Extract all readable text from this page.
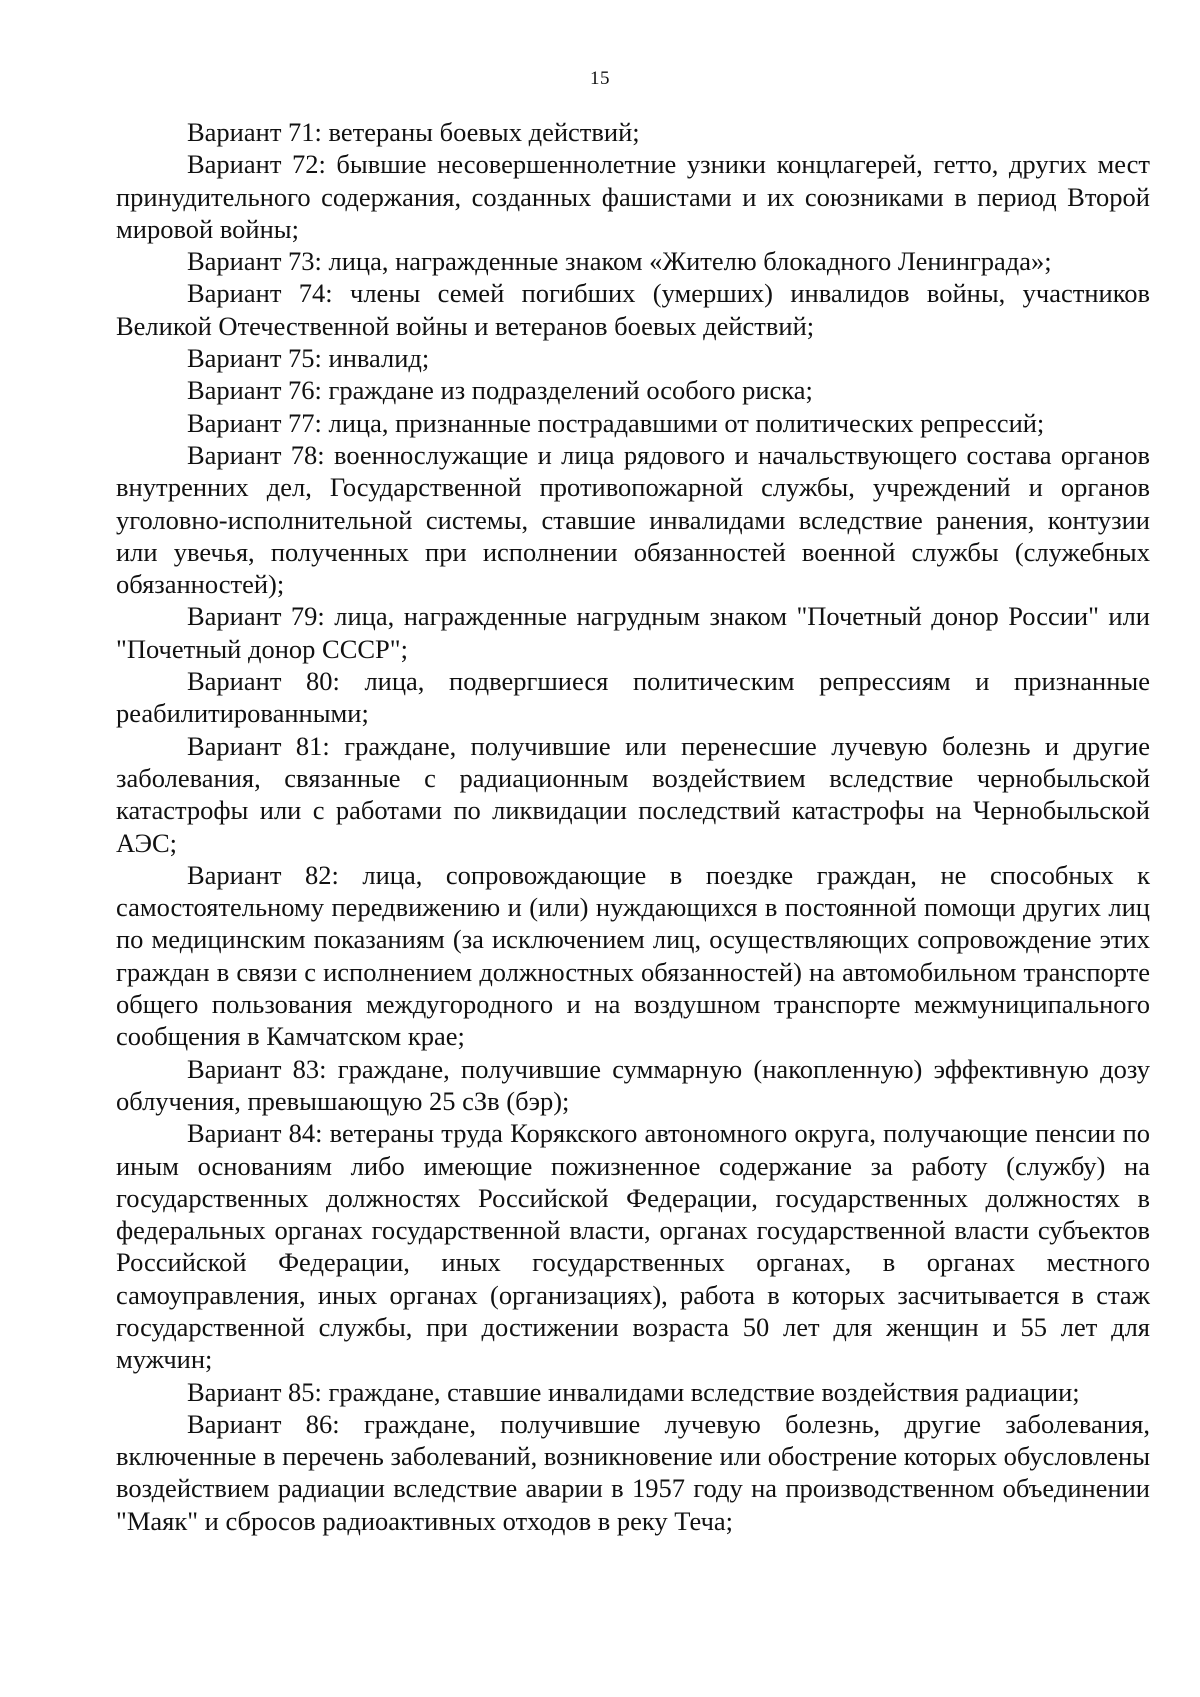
15

Вариант 71: ветераны боевых действий;

Вариант 72: бывшие несовершеннолетние узники концлагерей, гетто, других мест принудительного содержания, созданных фашистами и их союзниками в период Второй мировой войны;

Вариант 73: лица, награжденные знаком «Жителю блокадного Ленинграда»;

Вариант 74: члены семей погибших (умерших) инвалидов войны, участников Великой Отечественной войны и ветеранов боевых действий;

Вариант 75: инвалид;

Вариант 76: граждане из подразделений особого риска;

Вариант 77: лица, признанные пострадавшими от политических репрессий;

Вариант 78: военнослужащие и лица рядового и начальствующего состава органов внутренних дел, Государственной противопожарной службы, учреждений и органов уголовно-исполнительной системы, ставшие инвалидами вследствие ранения, контузии или увечья, полученных при исполнении обязанностей военной службы (служебных обязанностей);

Вариант 79: лица, награжденные нагрудным знаком "Почетный донор России" или "Почетный донор СССР";

Вариант 80: лица, подвергшиеся политическим репрессиям и признанные реабилитированными;

Вариант 81: граждане, получившие или перенесшие лучевую болезнь и другие заболевания, связанные с радиационным воздействием вследствие чернобыльской катастрофы или с работами по ликвидации последствий катастрофы на Чернобыльской АЭС;

Вариант 82: лица, сопровождающие в поездке граждан, не способных к самостоятельному передвижению и (или) нуждающихся в постоянной помощи других лиц по медицинским показаниям (за исключением лиц, осуществляющих сопровождение этих граждан в связи с исполнением должностных обязанностей) на автомобильном транспорте общего пользования междугородного и на воздушном транспорте межмуниципального сообщения в Камчатском крае;

Вариант 83: граждане, получившие суммарную (накопленную) эффективную дозу облучения, превышающую 25 сЗв (бэр);

Вариант 84: ветераны труда Корякского автономного округа, получающие пенсии по иным основаниям либо имеющие пожизненное содержание за работу (службу) на государственных должностях Российской Федерации, государственных должностях в федеральных органах государственной власти, органах государственной власти субъектов Российской Федерации, иных государственных органах, в органах местного самоуправления, иных органах (организациях), работа в которых засчитывается в стаж государственной службы, при достижении возраста 50 лет для женщин и 55 лет для мужчин;

Вариант 85: граждане, ставшие инвалидами вследствие воздействия радиации;

Вариант 86: граждане, получившие лучевую болезнь, другие заболевания, включенные в перечень заболеваний, возникновение или обострение которых обусловлены воздействием радиации вследствие аварии в 1957 году на производственном объединении "Маяк" и сбросов радиоактивных отходов в реку Теча;
